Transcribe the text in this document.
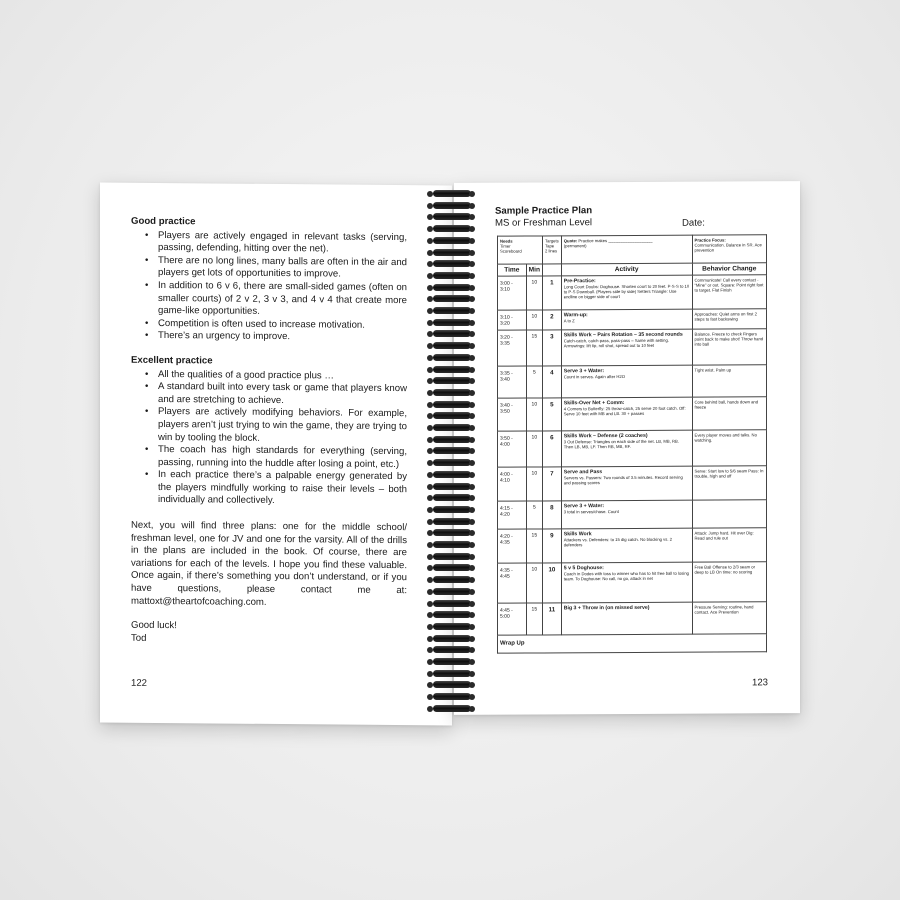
Good practice
• Players are actively engaged in relevant tasks (serving, passing, defending, hitting over the net).
• There are no long lines, many balls are often in the air and players get lots of opportunities to improve.
• In addition to 6 v 6, there are small-sided games (often on smaller courts) of 2 v 2, 3 v 3, and 4 v 4 that create more game-like opportunities.
• Competition is often used to increase motivation.
• There’s an urgency to improve.
Excellent practice
• All the qualities of a good practice plus …
• A standard built into every task or game that players know and are stretching to achieve.
• Players are actively modifying behaviors. For example, players aren’t just trying to win the game, they are trying to win by tooling the block.
• The coach has high standards for everything (serving, passing, running into the huddle after losing a point, etc.)
• In each practice there’s a palpable energy generated by the players mindfully working to raise their levels – both individually and collectively.

Next, you will find three plans: one for the middle school/ freshman level, one for JV and one for the varsity. All of the drills in the plans are included in the book. Of course, there are variations for each of the levels. I hope you find these valuable. Once again, if there’s something you don’t understand, or if you have questions, please contact me at: mattoxt@theartofcoaching.com.

Good luck!

Tod

122
Sample Practice Plan
MS or Freshman Level	Date:
Needs
Timer
Scoreboard		Targets
Tape
2 lines	Quote: Practice makes ___________________
(permanent)	Practice Focus:
Communication. Balance in SR. Ace prevention
Time	Min		Activity	Behavior Change
3:00 - 3:10	10	1	Pre-Practice:
Long Court Doubs: Doghouse. Shorten court to 20 feet. P-S-S to 10 to P-S Downball. (Players side by side) Setters Triangle: Use endline on bigger side of court	Communicate! Call every contact - “Mine” or out. Square: Point right foot to target. Flat Finish
3:10 - 3:20	10	2	Warm-up:
A to Z	Approaches: Quiet arms on first 2 steps to fast backswing
3:20 - 3:35	15	3	Skills Work – Pairs Rotation – 35 second rounds
Catch-catch, catch-pass, pass-pass – Same with setting. Armswings: lift tip, roll shot, spread out to 10 feet	Balance. Freeze to check Fingers point back to make shot! Throw hand into ball
3:35 - 3:40	5	4	Serve 3 + Water:
Count in serves. Again after H2O	Tight wrist. Palm up
3:40 - 3:50	10	5	Skills-Over Net + Comm:
4 Corners to Butterfly: 25 throw-catch, 25 serve 20 foot catch. Off: Serve 10 feet with MB and LB. 30 + passes	Core behind ball, hands down and freeze
3:50 - 4:00	10	6	Skills Work – Defense (2 coaches)
3 Out Defense: Triangles on each side of the net. LB, MB, RB. Then LB, MB, LF. Then RB, MB, RF.	Every player moves and talks. No watching.
4:00 - 4:10	10	7	Serve and Pass
Servers vs. Passers: Two rounds of 3.5 minutes. Record serving and passing scores	Serve: Start low to 5/6 seam Pass: In trouble, high and off
4:15 - 4:20	5	8	Serve 3 + Water:
3 total in serves/chase. Count	

4:20 - 4:35	15	9	Skills Work
Attackers vs. Defenders: to 15 dig catch. No blocking vs. 2 defenders	Attack: Jump hard. Hit over Dig: Read and rule out
4:35 - 4:45	10	10	5 v 5 Doghouse:
Coach in Dodes with toss to winner who has to hit free ball to losing team. To Doghouse: No call, no go, attack in net	Free Ball Offense to 2/3 seam or deep to LB On time: no scoring
4:45 - 5:00	15	11	Big 3 + Throw in (on missed serve)	Pressure Serving: routine, hand contact. Ace Prevention
Wrap Up				
123
